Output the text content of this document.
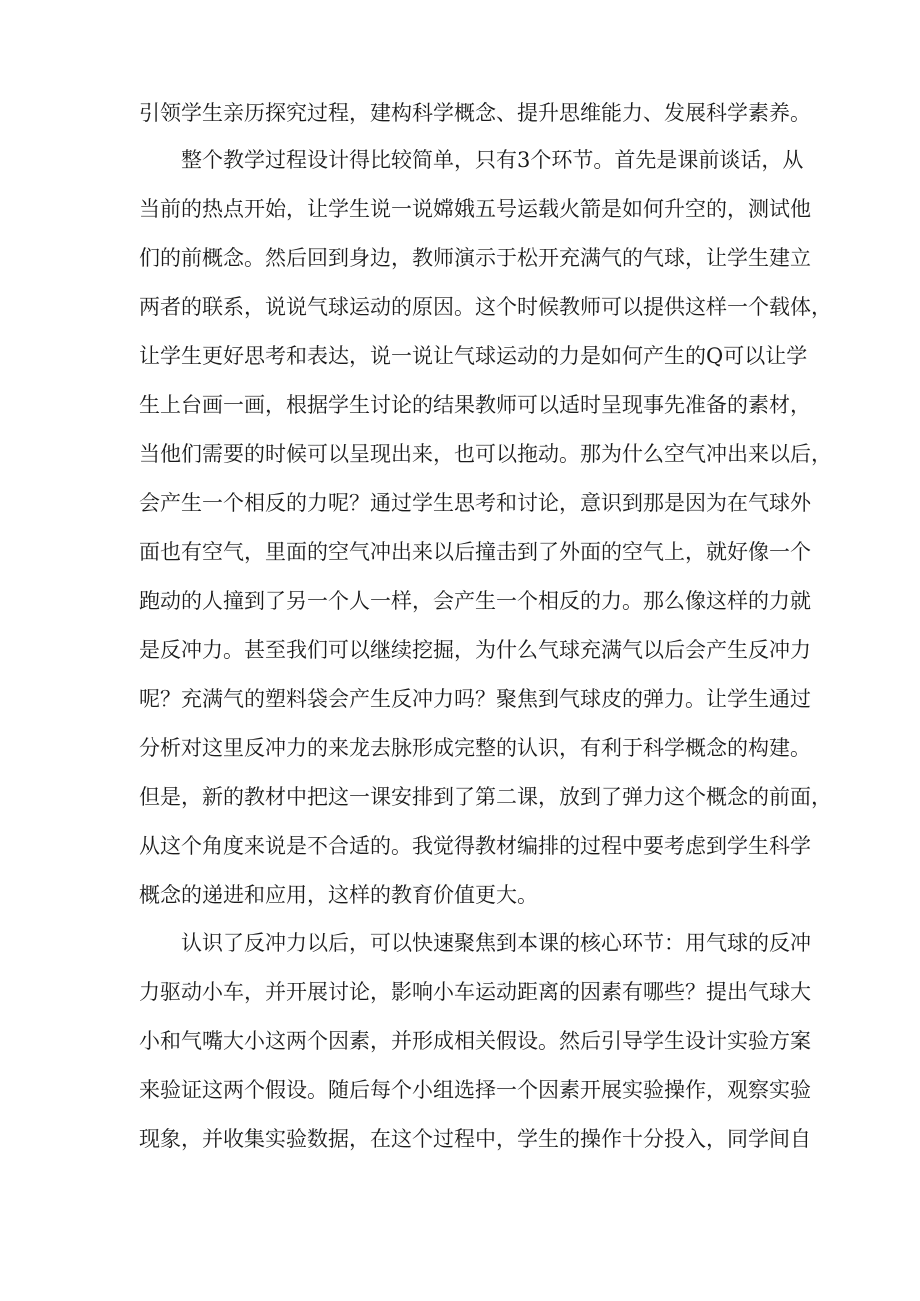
引领学生亲历探究过程，建构科学概念、提升思维能力、发展科学素养。

整个教学过程设计得比较简单，只有3个环节。首先是课前谈话，从

当前的热点开始，让学生说一说嫦娥五号运载火箭是如何升空的，测试他

们的前概念。然后回到身边，教师演示于松开充满气的气球，让学生建立

两者的联系，说说气球运动的原因。这个时候教师可以提供这样一个载体，

让学生更好思考和表达，说一说让气球运动的力是如何产生的Q可以让学

生上台画一画，根据学生讨论的结果教师可以适时呈现事先准备的素材，

当他们需要的时候可以呈现出来，也可以拖动。那为什么空气冲出来以后，

会产生一个相反的力呢？通过学生思考和讨论，意识到那是因为在气球外

面也有空气，里面的空气冲出来以后撞击到了外面的空气上，就好像一个

跑动的人撞到了另一个人一样，会产生一个相反的力。那么像这样的力就

是反冲力。甚至我们可以继续挖掘，为什么气球充满气以后会产生反冲力

呢？充满气的塑料袋会产生反冲力吗？聚焦到气球皮的弹力。让学生通过

分析对这里反冲力的来龙去脉形成完整的认识，有利于科学概念的构建。

但是，新的教材中把这一课安排到了第二课，放到了弹力这个概念的前面，

从这个角度来说是不合适的。我觉得教材编排的过程中要考虑到学生科学

概念的递进和应用，这样的教育价值更大。

认识了反冲力以后，可以快速聚焦到本课的核心环节：用气球的反冲

力驱动小车，并开展讨论，影响小车运动距离的因素有哪些？提出气球大

小和气嘴大小这两个因素，并形成相关假设。然后引导学生设计实验方案

来验证这两个假设。随后每个小组选择一个因素开展实验操作，观察实验

现象，并收集实验数据，在这个过程中，学生的操作十分投入，同学间自
